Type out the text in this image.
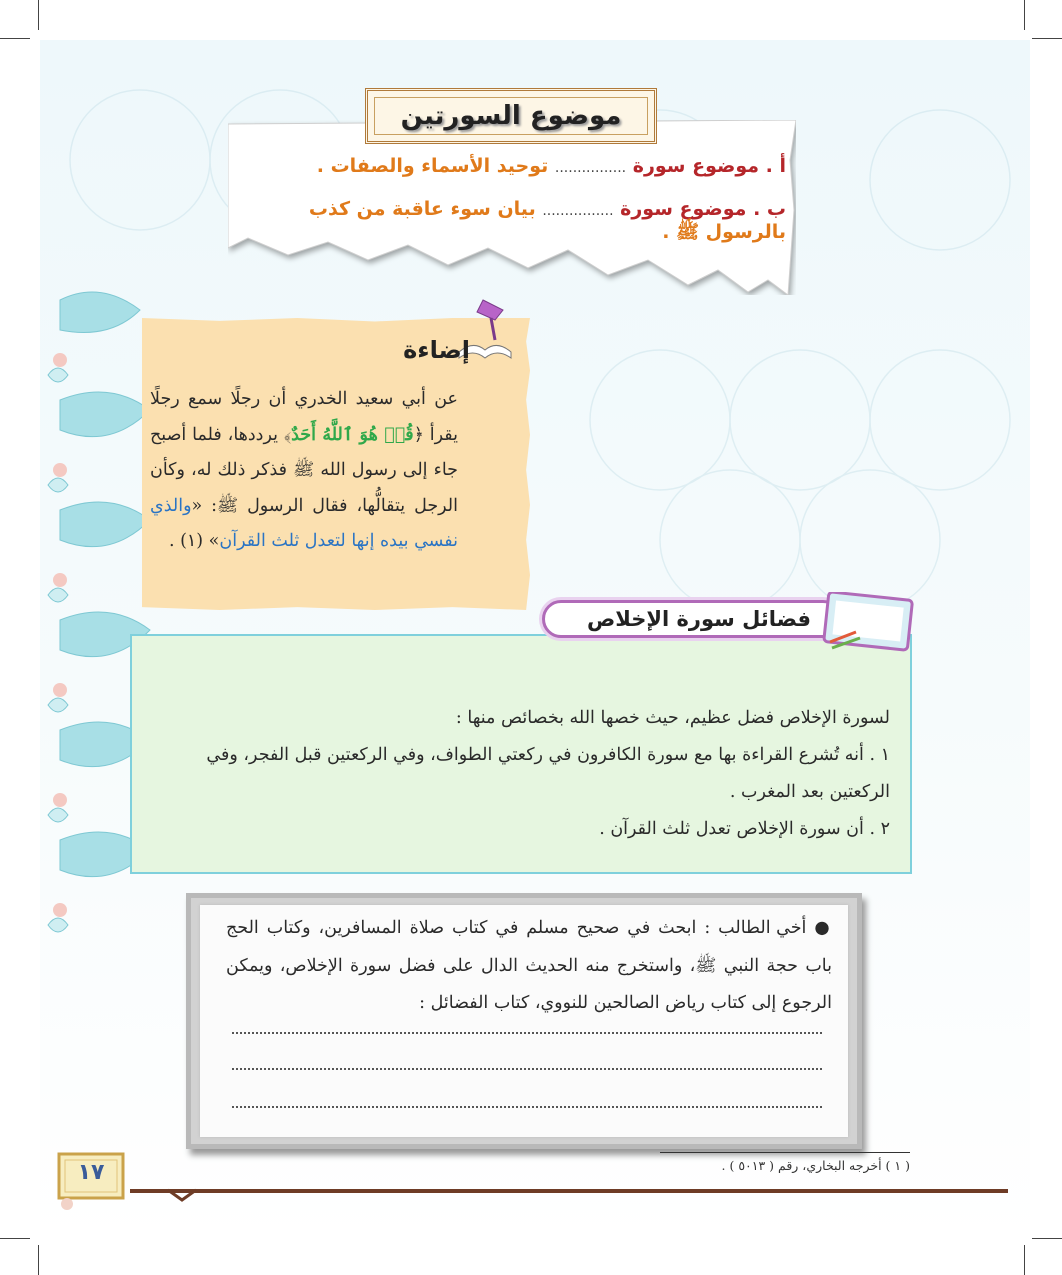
موضوع السورتين
أ . موضوع سورة ................ توحيد الأسماء والصفات .
ب . موضوع سورة ................ بيان سوء عاقبة من كذب بالرسول ﷺ .
إضاءة
عن أبي سعيد الخدري أن رجلًا سمع رجلًا يقرأ ﴿قُلۡ هُوَ ٱللَّهُ أَحَدٌ﴾ يرددها، فلما أصبح جاء إلى رسول الله ﷺ فذكر ذلك له، وكأن الرجل يتقالُّها، فقال الرسول ﷺ: «والذي نفسي بيده إنها لتعدل ثلث القرآن» (١) .
فضائل سورة الإخلاص

لسورة الإخلاص فضل عظيم، حيث خصها الله بخصائص منها :

١ . أنه تُشرع القراءة بها مع سورة الكافرون في ركعتي الطواف، وفي الركعتين قبل الفجر، وفي الركعتين بعد المغرب .

٢ . أن سورة الإخلاص تعدل ثلث القرآن .

● أخي الطالب : ابحث في صحيح مسلم في كتاب صلاة المسافرين، وكتاب الحج باب حجة النبي ﷺ، واستخرج منه الحديث الدال على فضل سورة الإخلاص، ويمكن الرجوع إلى كتاب رياض الصالحين للنووي، كتاب الفضائل :
( ١ ) أخرجه البخاري، رقم ( ٥٠١٣ ) .
١٧
